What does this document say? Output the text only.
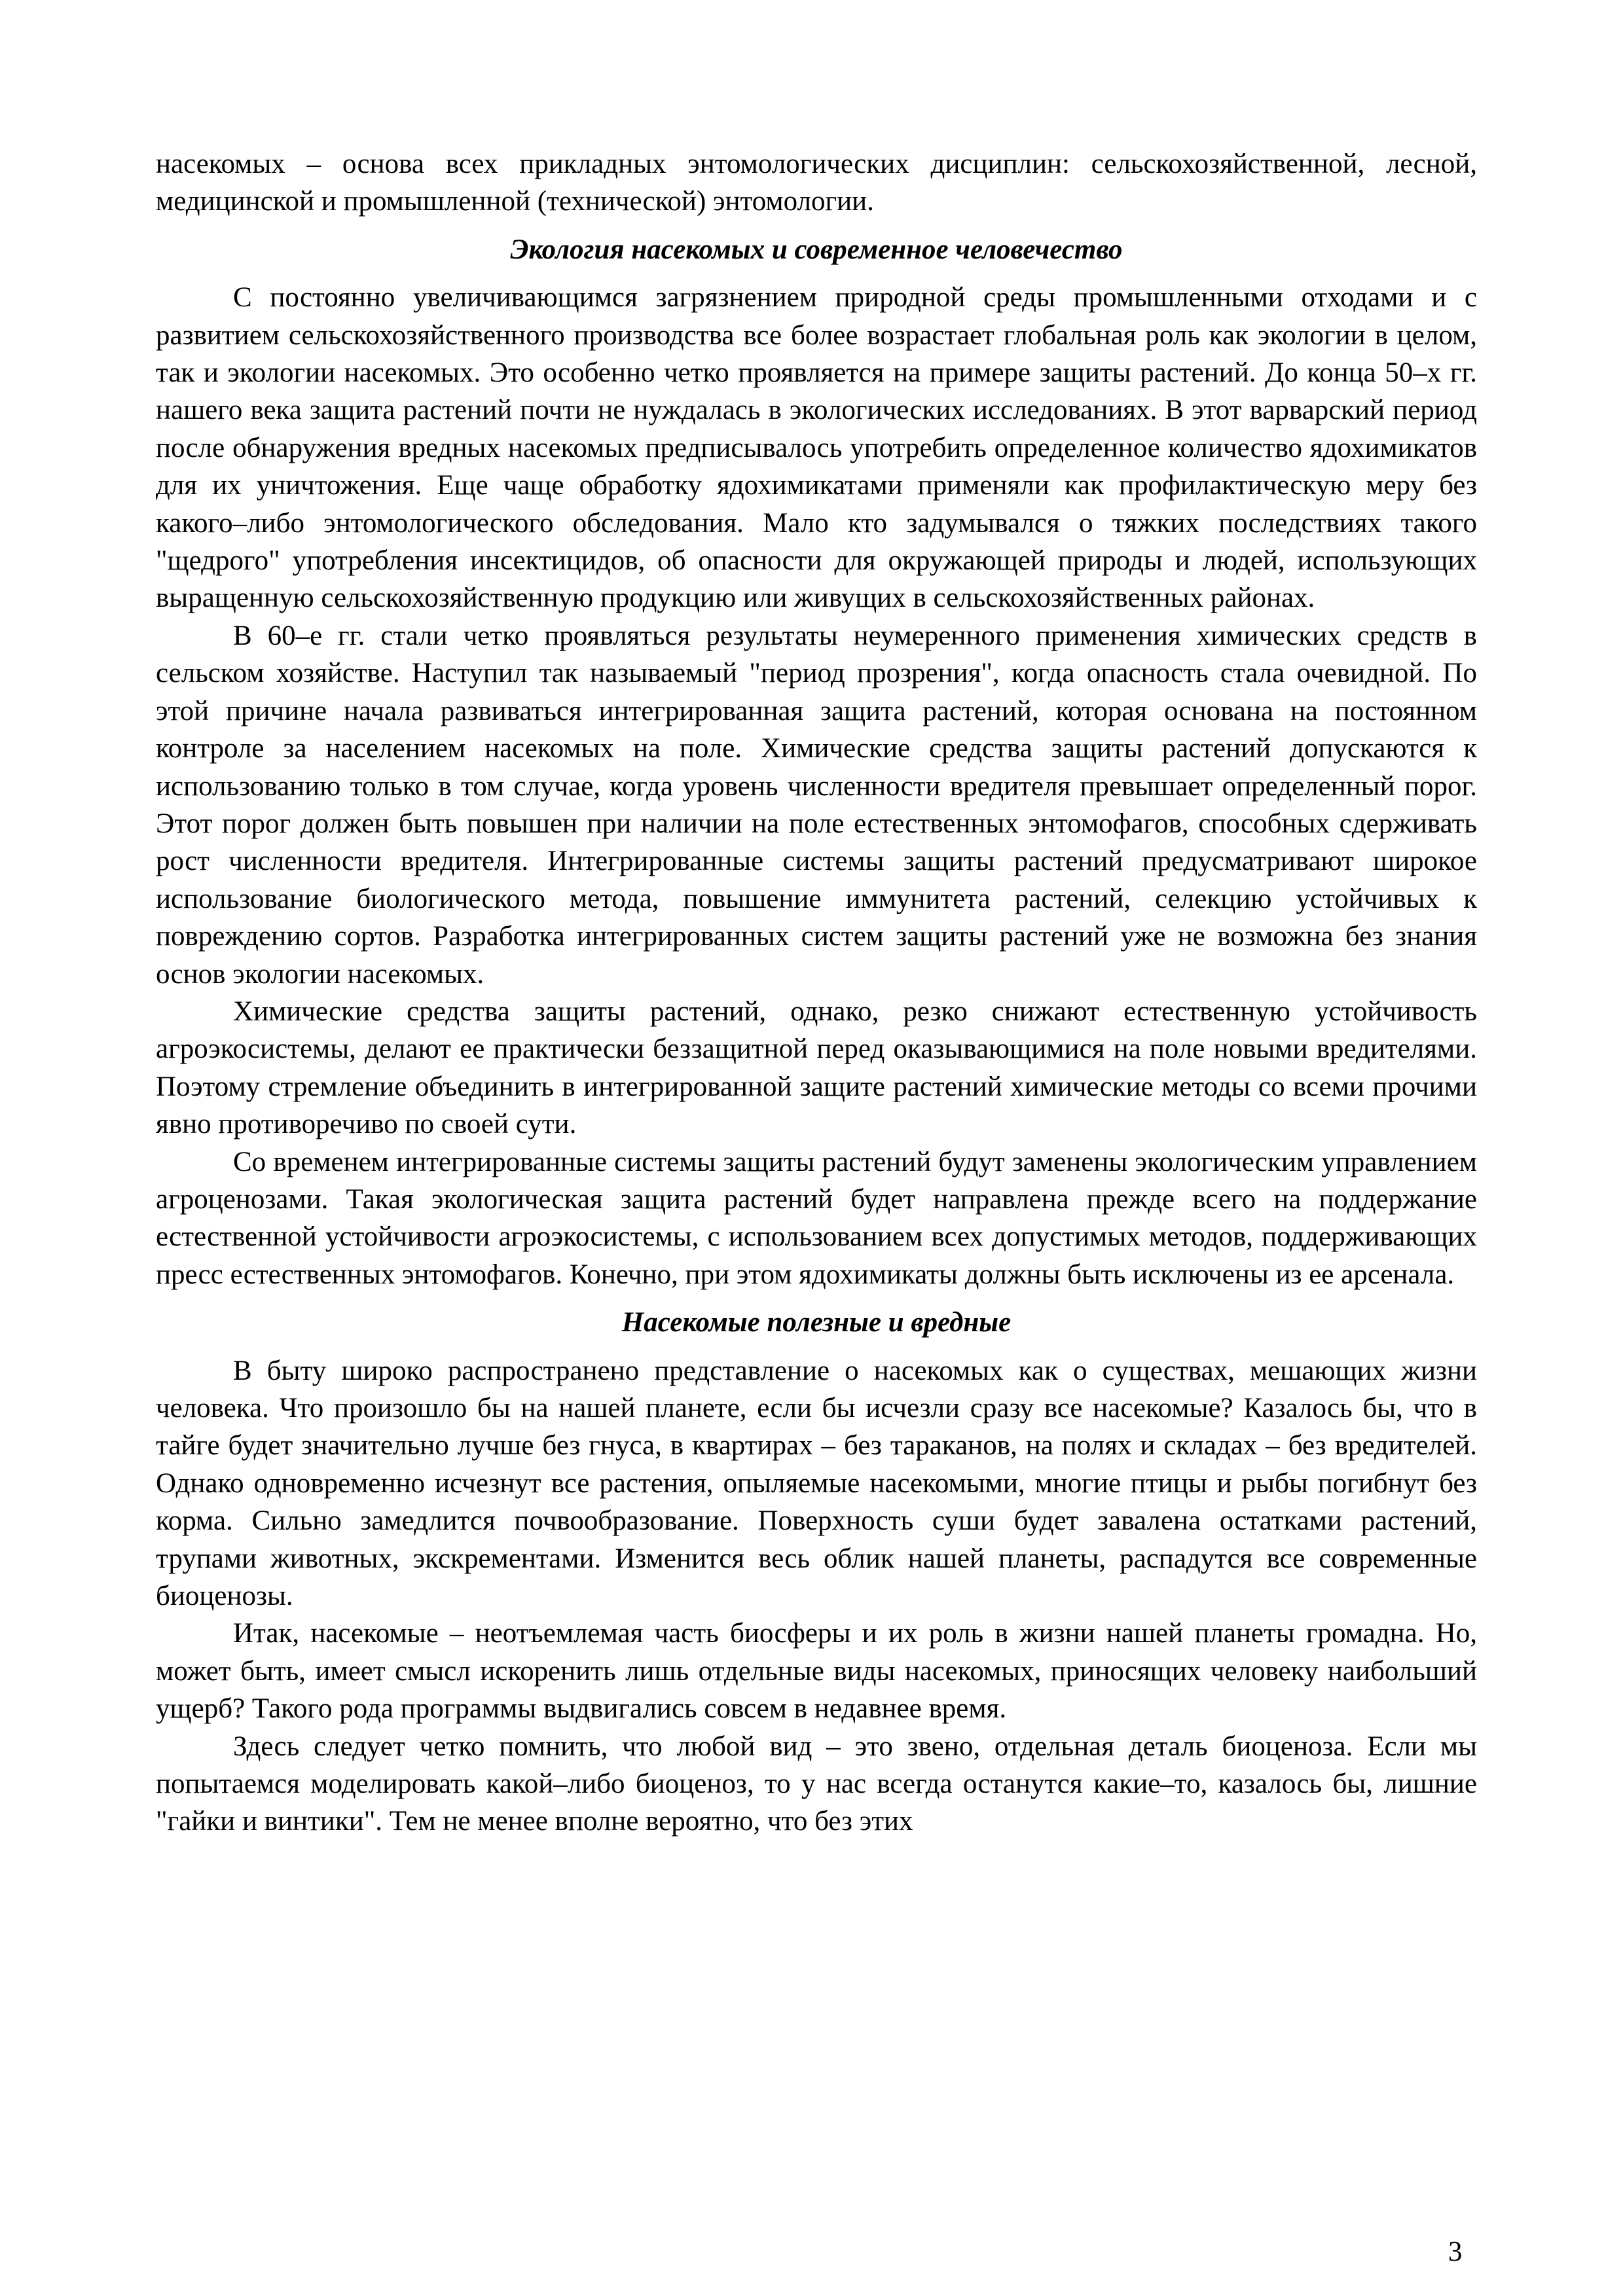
насекомых – основа всех прикладных энтомологических дисциплин: сельскохозяйственной, лесной, медицинской и промышленной (технической) энтомологии.

Экология насекомых и современное человечество

С постоянно увеличивающимся загрязнением природной среды промышленными отходами и с развитием сельскохозяйственного производства все более возрастает глобальная роль как экологии в целом, так и экологии насекомых. Это особенно четко проявляется на примере защиты растений. До конца 50–х гг. нашего века защита растений почти не нуждалась в экологических исследованиях. В этот варварский период после обнаружения вредных насекомых предписывалось употребить определенное количество ядохимикатов для их уничтожения. Еще чаще обработку ядохимикатами применяли как профилактическую меру без какого–либо энтомологического обследования. Мало кто задумывался о тяжких последствиях такого "щедрого" употребления инсектицидов, об опасности для окружающей природы и людей, использующих выращенную сельскохозяйственную продукцию или живущих в сельскохозяйственных районах.

В 60–е гг. стали четко проявляться результаты неумеренного применения химических средств в сельском хозяйстве. Наступил так называемый "период прозрения", когда опасность стала очевидной. По этой причине начала развиваться интегрированная защита растений, которая основана на постоянном контроле за населением насекомых на поле. Химические средства защиты растений допускаются к использованию только в том случае, когда уровень численности вредителя превышает определенный порог. Этот порог должен быть повышен при наличии на поле естественных энтомофагов, способных сдерживать рост численности вредителя. Интегрированные системы защиты растений предусматривают широкое использование биологического метода, повышение иммунитета растений, селекцию устойчивых к повреждению сортов. Разработка интегрированных систем защиты растений уже не возможна без знания основ экологии насекомых.

Химические средства защиты растений, однако, резко снижают естественную устойчивость агроэкосистемы, делают ее практически беззащитной перед оказывающимися на поле новыми вредителями. Поэтому стремление объединить в интегрированной защите растений химические методы со всеми прочими явно противоречиво по своей сути.

Со временем интегрированные системы защиты растений будут заменены экологическим управлением агроценозами. Такая экологическая защита растений будет направлена прежде всего на поддержание естественной устойчивости агроэкосистемы, с использованием всех допустимых методов, поддерживающих пресс естественных энтомофагов. Конечно, при этом ядохимикаты должны быть исключены из ее арсенала.

Насекомые полезные и вредные

В быту широко распространено представление о насекомых как о существах, мешающих жизни человека. Что произошло бы на нашей планете, если бы исчезли сразу все насекомые? Казалось бы, что в тайге будет значительно лучше без гнуса, в квартирах – без тараканов, на полях и складах – без вредителей. Однако одновременно исчезнут все растения, опыляемые насекомыми, многие птицы и рыбы погибнут без корма. Сильно замедлится почвообразование. Поверхность суши будет завалена остатками растений, трупами животных, экскрементами. Изменится весь облик нашей планеты, распадутся все современные биоценозы.

Итак, насекомые – неотъемлемая часть биосферы и их роль в жизни нашей планеты громадна. Но, может быть, имеет смысл искоренить лишь отдельные виды насекомых, приносящих человеку наибольший ущерб? Такого рода программы выдвигались совсем в недавнее время.

Здесь следует четко помнить, что любой вид – это звено, отдельная деталь биоценоза. Если мы попытаемся моделировать какой–либо биоценоз, то у нас всегда останутся какие–то, казалось бы, лишние "гайки и винтики". Тем не менее вполне вероятно, что без этих

3
